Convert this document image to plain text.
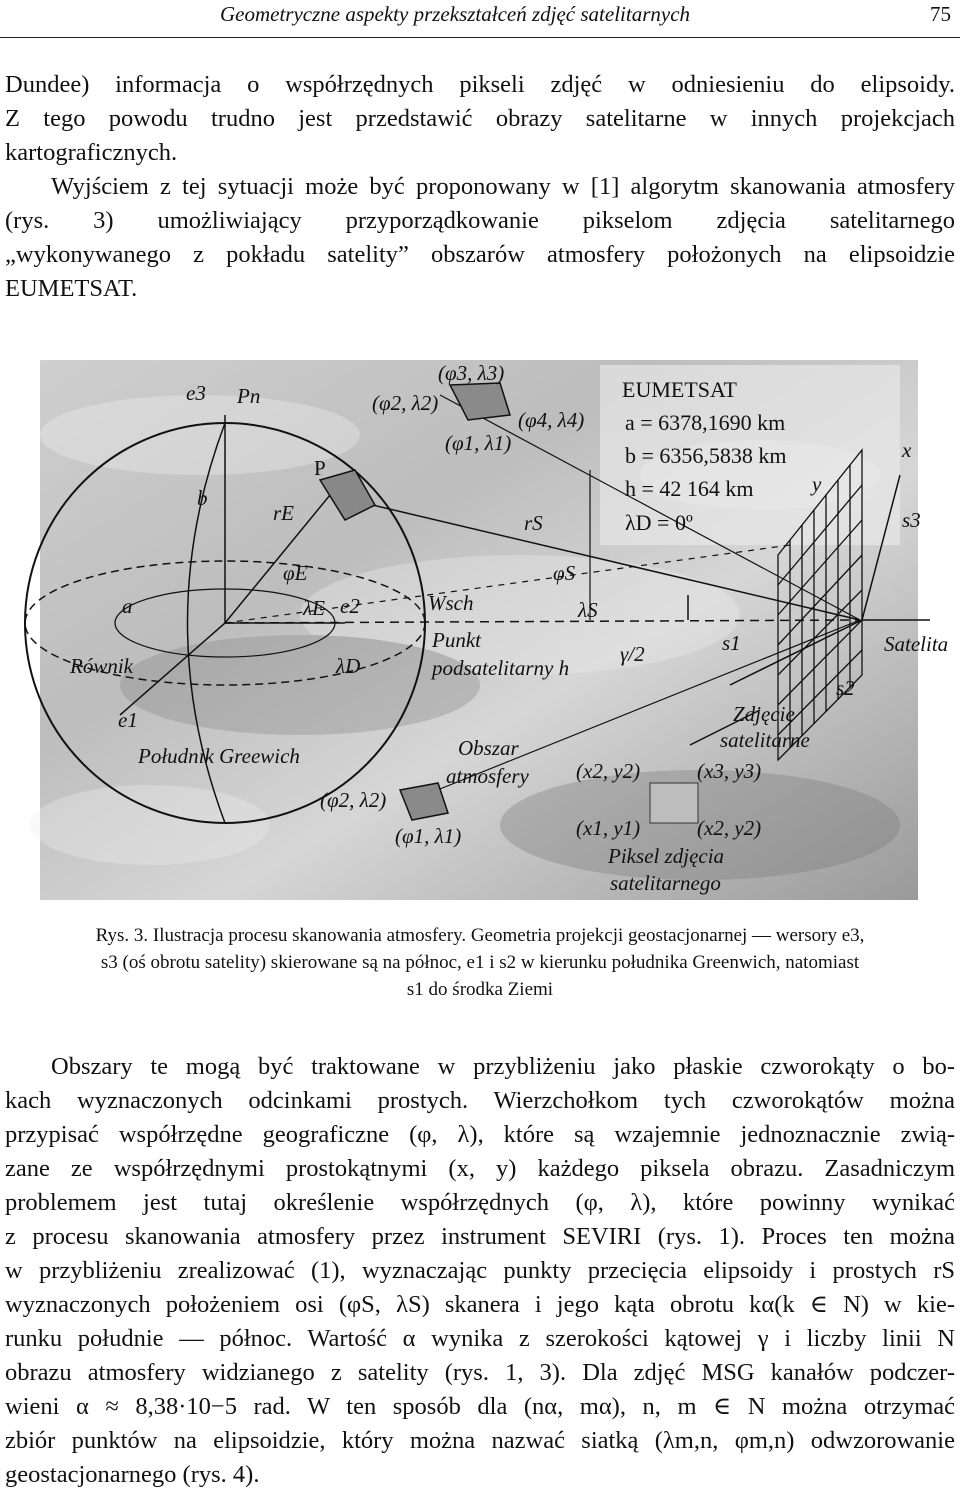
Geometryczne aspekty przekształceń zdjęć satelitarnych	75
Dundee) informacja o współrzędnych pikseli zdjęć w odniesieniu do elipsoidy.
Z tego powodu trudno jest przedstawić obrazy satelitarne w innych projekcjach
kartograficznych.
Wyjściem z tej sytuacji może być proponowany w [1] algorytm skanowania atmosfery
(rys. 3) umożliwiający przyporządkowanie pikselom zdjęcia satelitarnego
„wykonywanego z pokładu satelity” obszarów atmosfery położonych na elipsoidzie
EUMETSAT.
e3 Pn
b
P
rE	rS
(φ3, λ3)
(φ2, λ2)
(φ4, λ4)
(φ1, λ1)
φE
λE e2	Wsch
φS
λS
a
Równik	λD
Punkt
podsatelitarny h
γ/2	s1	Satelita
s2
x
y
s3
e1
Południk Greewich	Obszar
atmosfery
Zdjęcie
satelitarne
(x2, y2)	(x3, y3)
(φ2, λ2)
(φ1, λ1)	(x1, y1)	(x2, y2)
Piksel zdjęcia
satelitarnego
EUMETSAT
a = 6378,1690 km
b = 6356,5838 km
h = 42 164 km
λD = 0º
Rys. 3. Ilustracja procesu skanowania atmosfery. Geometria projekcji geostacjonarnej — wersory e3,
s3 (oś obrotu satelity) skierowane są na północ, e1 i s2 w kierunku południka Greenwich, natomiast
s1 do środka Ziemi
Obszary te mogą być traktowane w przybliżeniu jako płaskie czworokąty o bo-
kach wyznaczonych odcinkami prostych. Wierzchołkom tych czworokątów można
przypisać współrzędne geograficzne (φ, λ), które są wzajemnie jednoznacznie zwią-
zane ze współrzędnymi prostokątnymi (x, y) każdego piksela obrazu. Zasadniczym
problemem jest tutaj określenie współrzędnych (φ, λ), które powinny wynikać
z procesu skanowania atmosfery przez instrument SEVIRI (rys. 1). Proces ten można
w przybliżeniu zrealizować (1), wyznaczając punkty przecięcia elipsoidy i prostych rS
wyznaczonych położeniem osi (φS, λS) skanera i jego kąta obrotu kα(k ∈ N) w kie-
runku południe — północ. Wartość α wynika z szerokości kątowej γ i liczby linii N
obrazu atmosfery widzianego z satelity (rys. 1, 3). Dla zdjęć MSG kanałów podczer-
wieni α ≈ 8,38·10−5 rad. W ten sposób dla (nα, mα), n, m ∈ N można otrzymać
zbiór punktów na elipsoidzie, który można nazwać siatką (λm,n, φm,n) odwzorowanie
geostacjonarnego (rys. 4).
